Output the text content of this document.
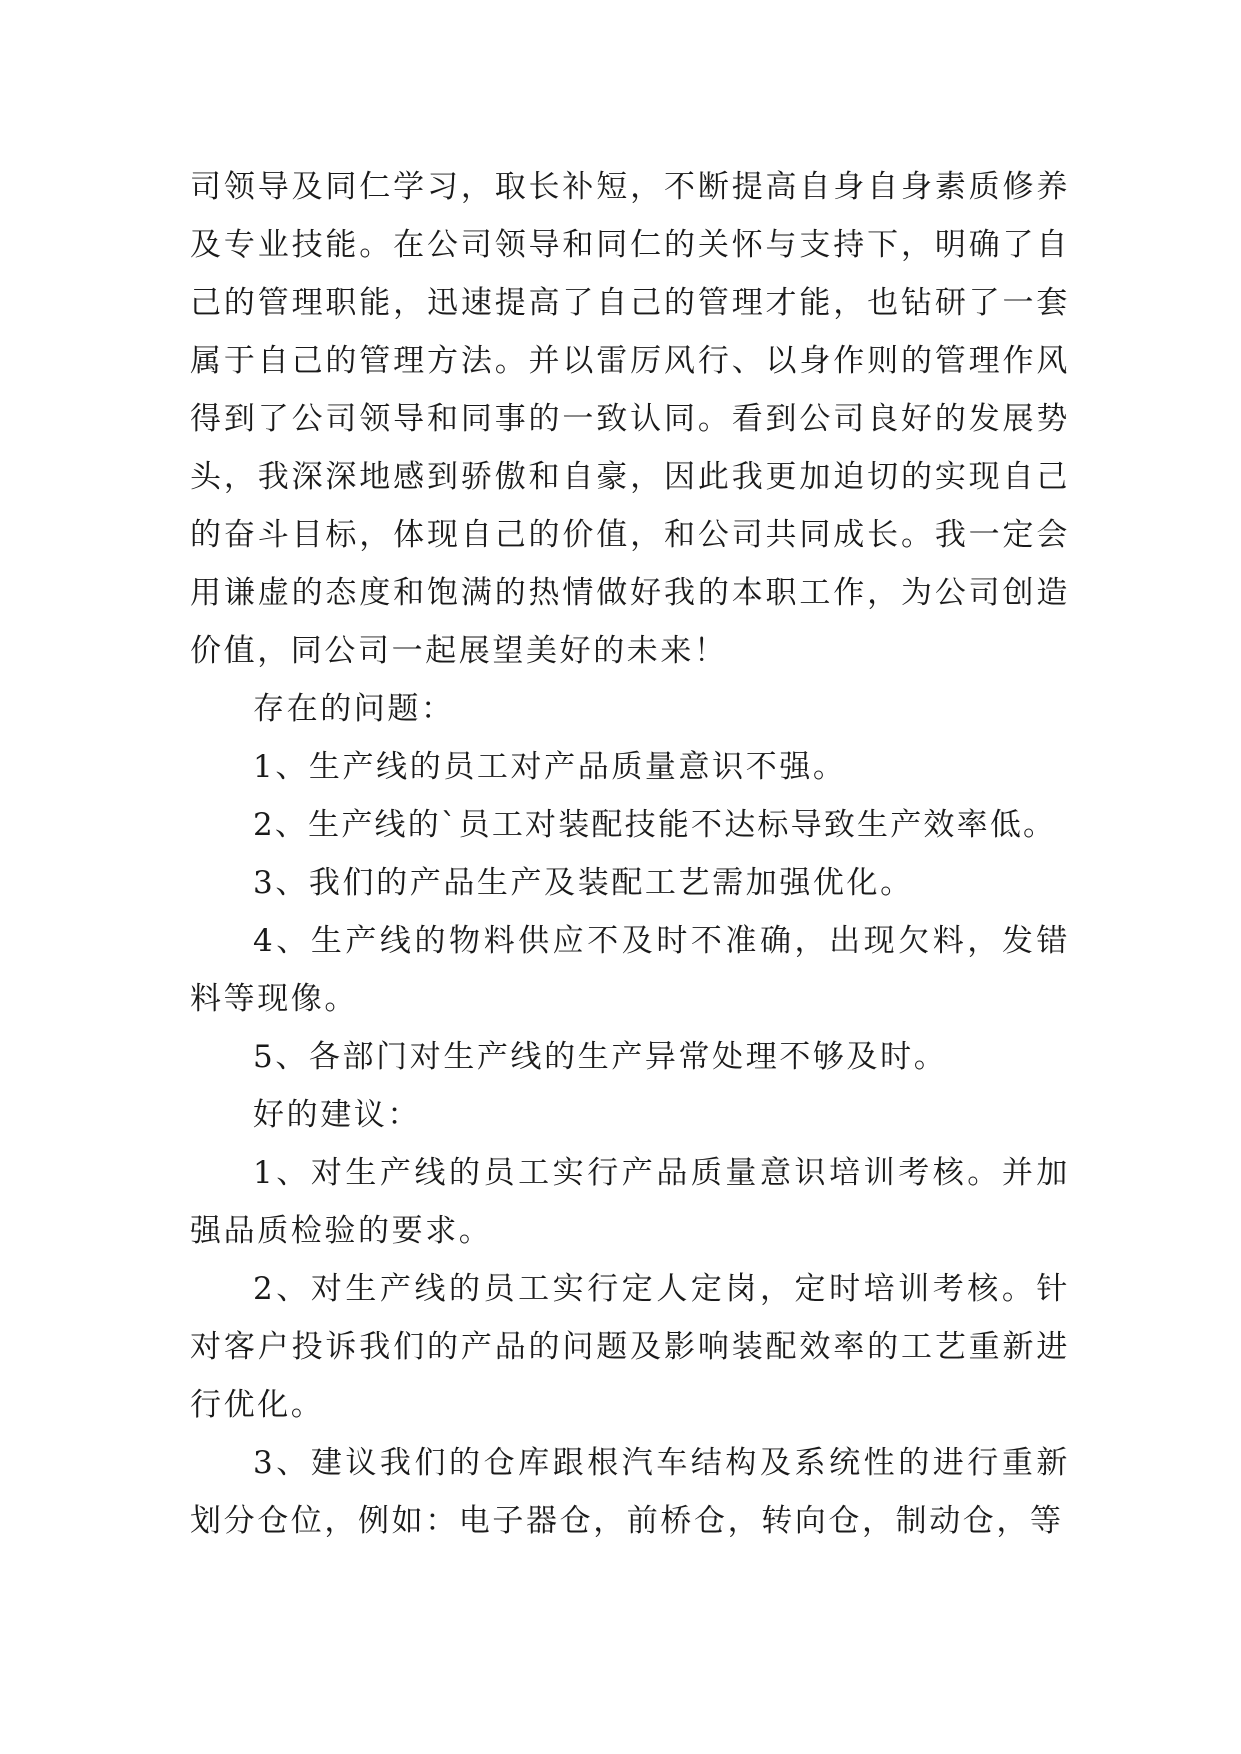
司领导及同仁学习，取长补短，不断提高自身自身素质修养及专业技能。在公司领导和同仁的关怀与支持下，明确了自己的管理职能，迅速提高了自己的管理才能，也钻研了一套属于自己的管理方法。并以雷厉风行、以身作则的管理作风得到了公司领导和同事的一致认同。看到公司良好的发展势头，我深深地感到骄傲和自豪，因此我更加迫切的实现自己的奋斗目标，体现自己的价值，和公司共同成长。我一定会用谦虚的态度和饱满的热情做好我的本职工作，为公司创造价值，同公司一起展望美好的未来！

存在的问题：

1、生产线的员工对产品质量意识不强。

2、生产线的`员工对装配技能不达标导致生产效率低。

3、我们的产品生产及装配工艺需加强优化。

4、生产线的物料供应不及时不准确，出现欠料，发错料等现像。

5、各部门对生产线的生产异常处理不够及时。

好的建议：

1、对生产线的员工实行产品质量意识培训考核。并加强品质检验的要求。

2、对生产线的员工实行定人定岗，定时培训考核。针对客户投诉我们的产品的问题及影响装配效率的工艺重新进行优化。

3、建议我们的仓库跟根汽车结构及系统性的进行重新划分仓位，例如：电子器仓，前桥仓，转向仓，制动仓，等
